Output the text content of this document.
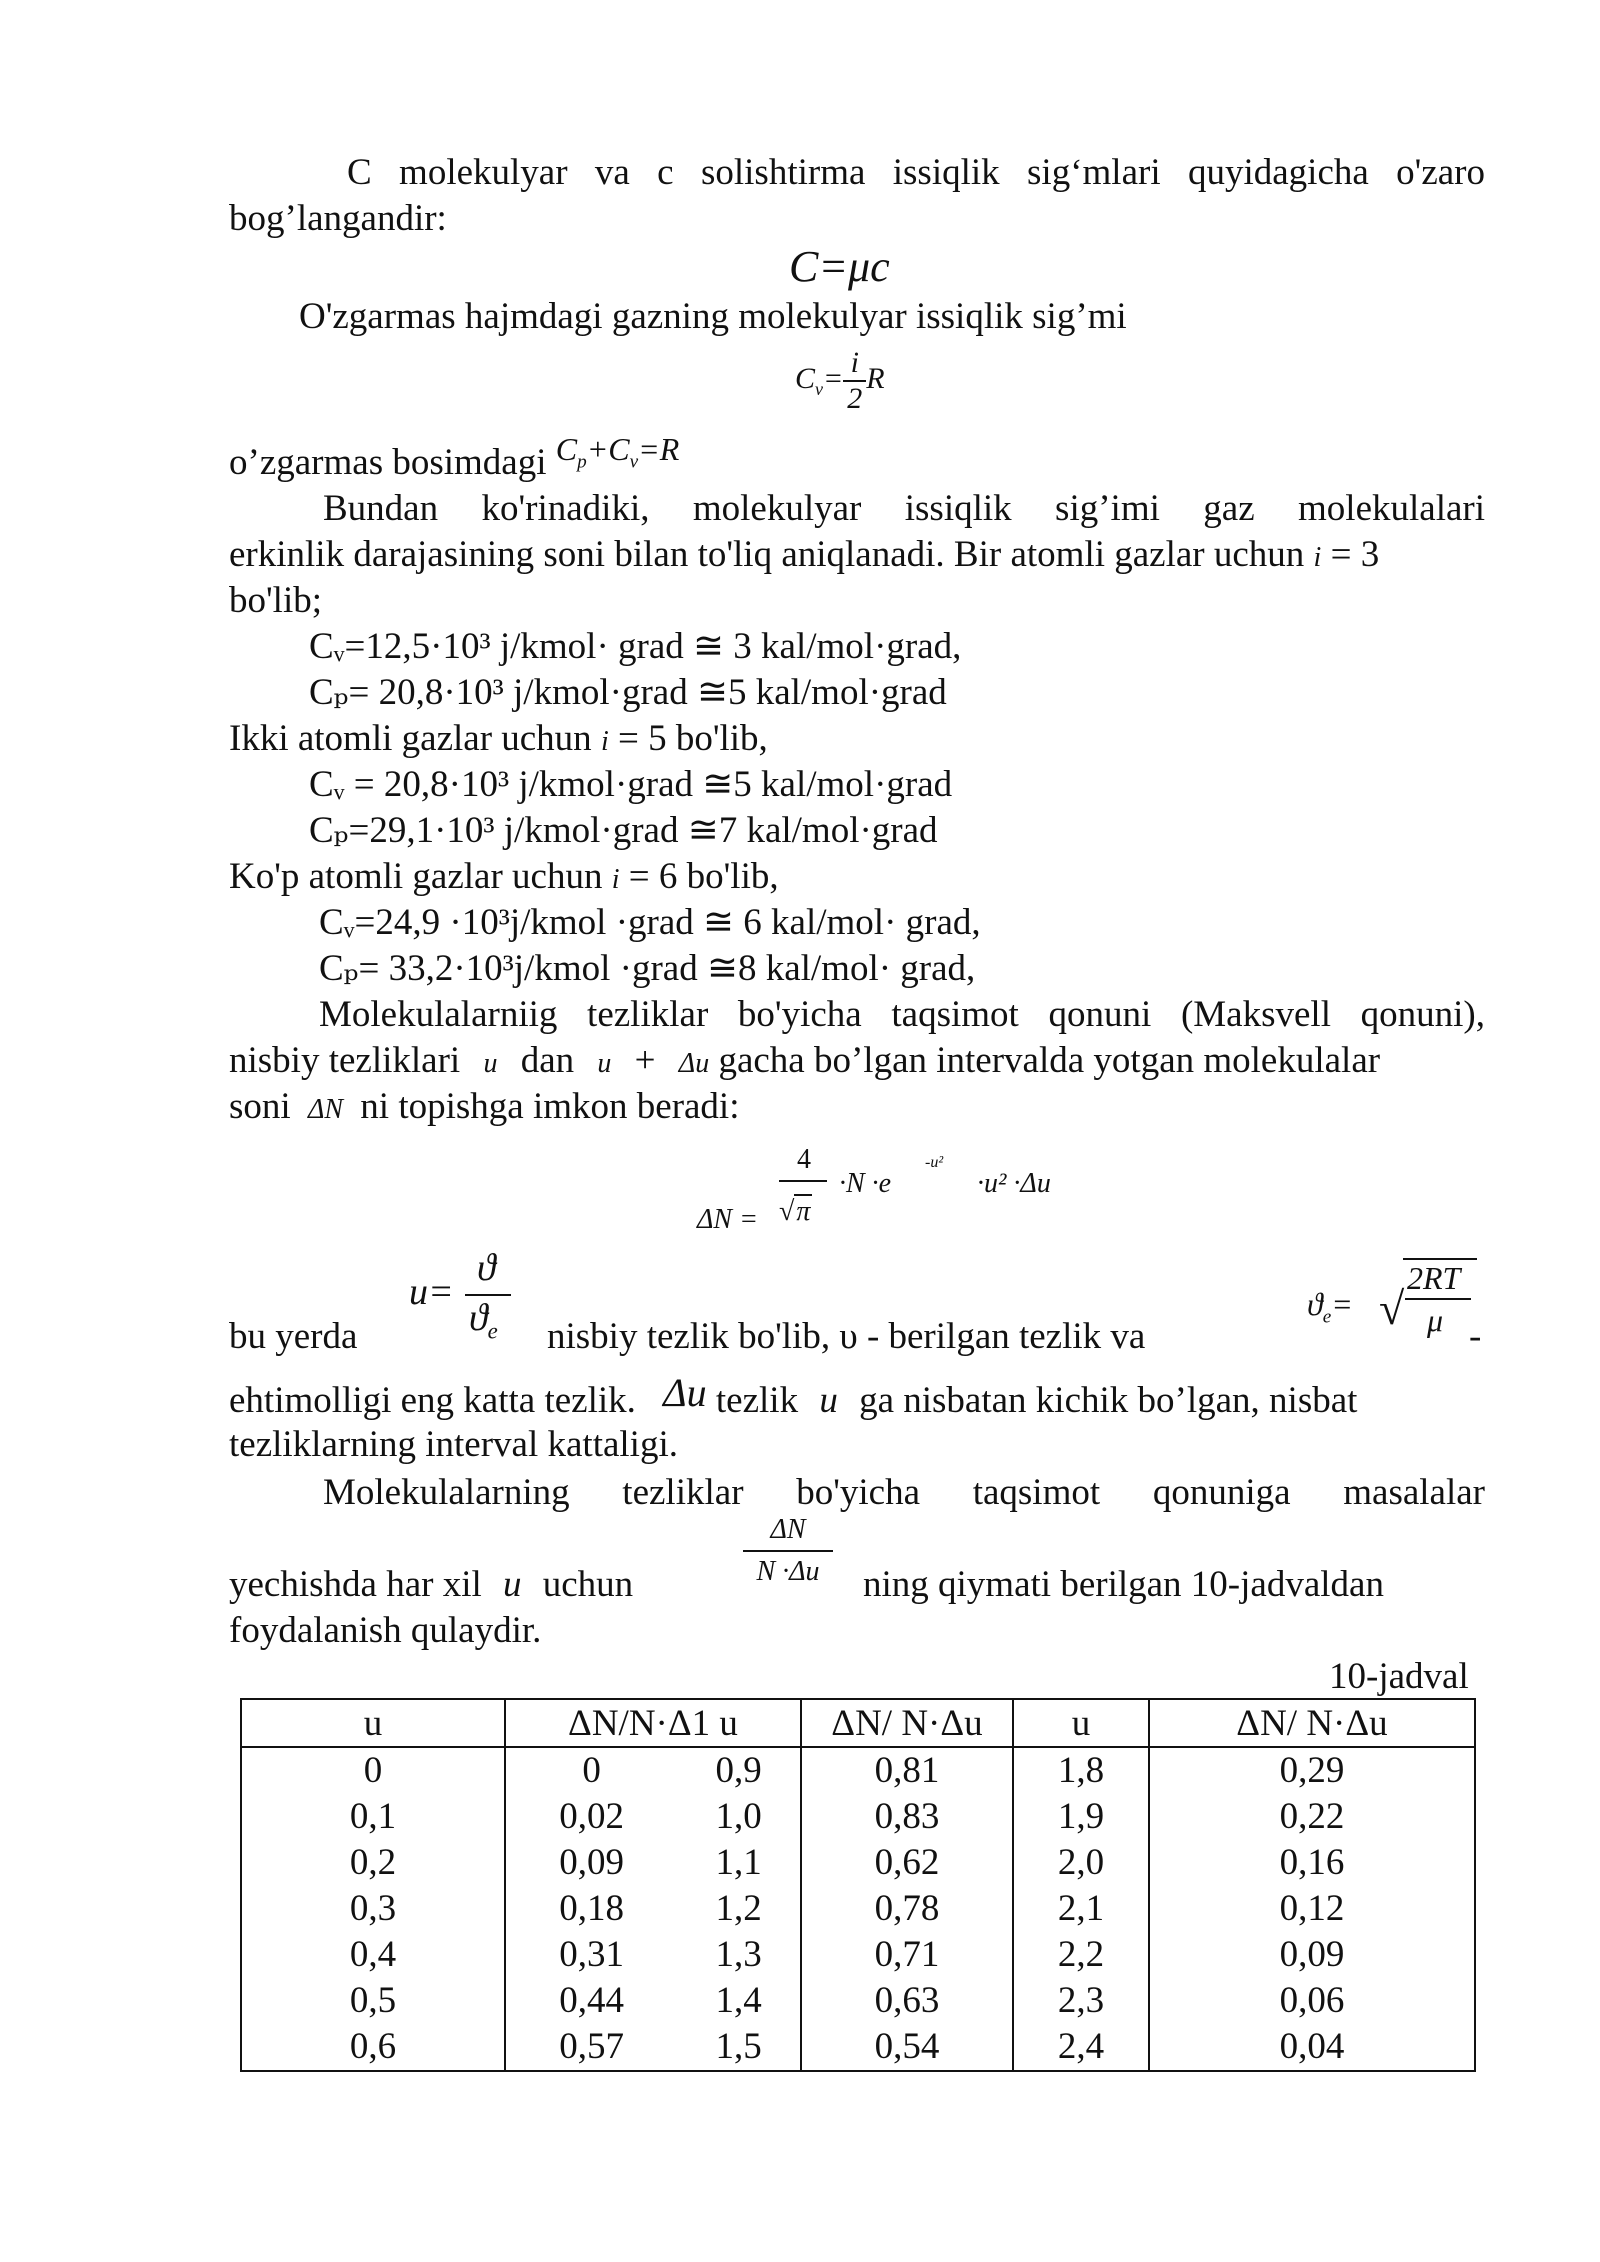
C molekulyar va c solishtirma issiqlik sig‘mlari quyidagicha o'zaro
bog’langandir:
C=μc
O'zgarmas hajmdagi gazning molekulyar issiqlik sig’mi
$C_v= \frac{i}{2}$ R
o’zgarmas bosimdagi $C_p+C_v=R$
Bundan ko'rinadiki, molekulyar issiqlik sig’imi gaz molekulalari
erkinlik darajasining soni bilan to'liq aniqlanadi. Bir atomli gazlar uchun i = 3
bo'lib;
Cᵥ=12,5·10³ j/kmol· grad ≅ 3 kal/mol·grad,
Cₚ= 20,8·10³ j/kmol·grad ≅5 kal/mol·grad
Ikki atomli gazlar uchun i = 5 bo'lib,
Cᵥ = 20,8·10³ j/kmol·grad ≅5 kal/mol·grad
Cₚ=29,1·10³ j/kmol·grad ≅7 kal/mol·grad
Ko'p atomli gazlar uchun i = 6 bo'lib,
Cᵥ=24,9 ·10³j/kmol ·grad ≅ 6 kal/mol· grad,
Cₚ= 33,2·10³j/kmol ·grad ≅8 kal/mol· grad,
Molekulalarniig tezliklar bo'yicha taqsimot qonuni (Maksvell qonuni),
nisbiy tezliklari u dan u + Δu gacha bo’lgan intervalda yotgan molekulalar
soni ΔN ni topishga imkon beradi:
ΔN =
4
√π
·N ·e
-u²
·u² ·Δu
u=
ϑ
$ϑ_e$
bu yerda	nisbiy tezlik bo'lib, υ - berilgan tezlik va	-
$ϑ_e=$ √
2RT
μ
ehtimolligi eng katta tezlik. Δu tezlik u ga nisbatan kichik bo’lgan, nisbat
tezliklarning interval kattaligi.
Molekulalarning tezliklar bo'yicha taqsimot qonuniga masalalar
ΔN
N ·Δu
yechishda har xil u uchun	ning qiymati berilgan 10-jadvaldan
foydalanish qulaydir.
10-jadval
u	ΔN/N·Δ1 u		ΔN/ N·Δu	u	ΔN/ N·Δu
0	0	0,9	0,81	1,8	0,29
0,1	0,02	1,0	0,83	1,9	0,22
0,2	0,09	1,1	0,62	2,0	0,16
0,3	0,18	1,2	0,78	2,1	0,12
0,4	0,31	1,3	0,71	2,2	0,09
0,5	0,44	1,4	0,63	2,3	0,06
0,6	0,57	1,5	0,54	2,4	0,04
